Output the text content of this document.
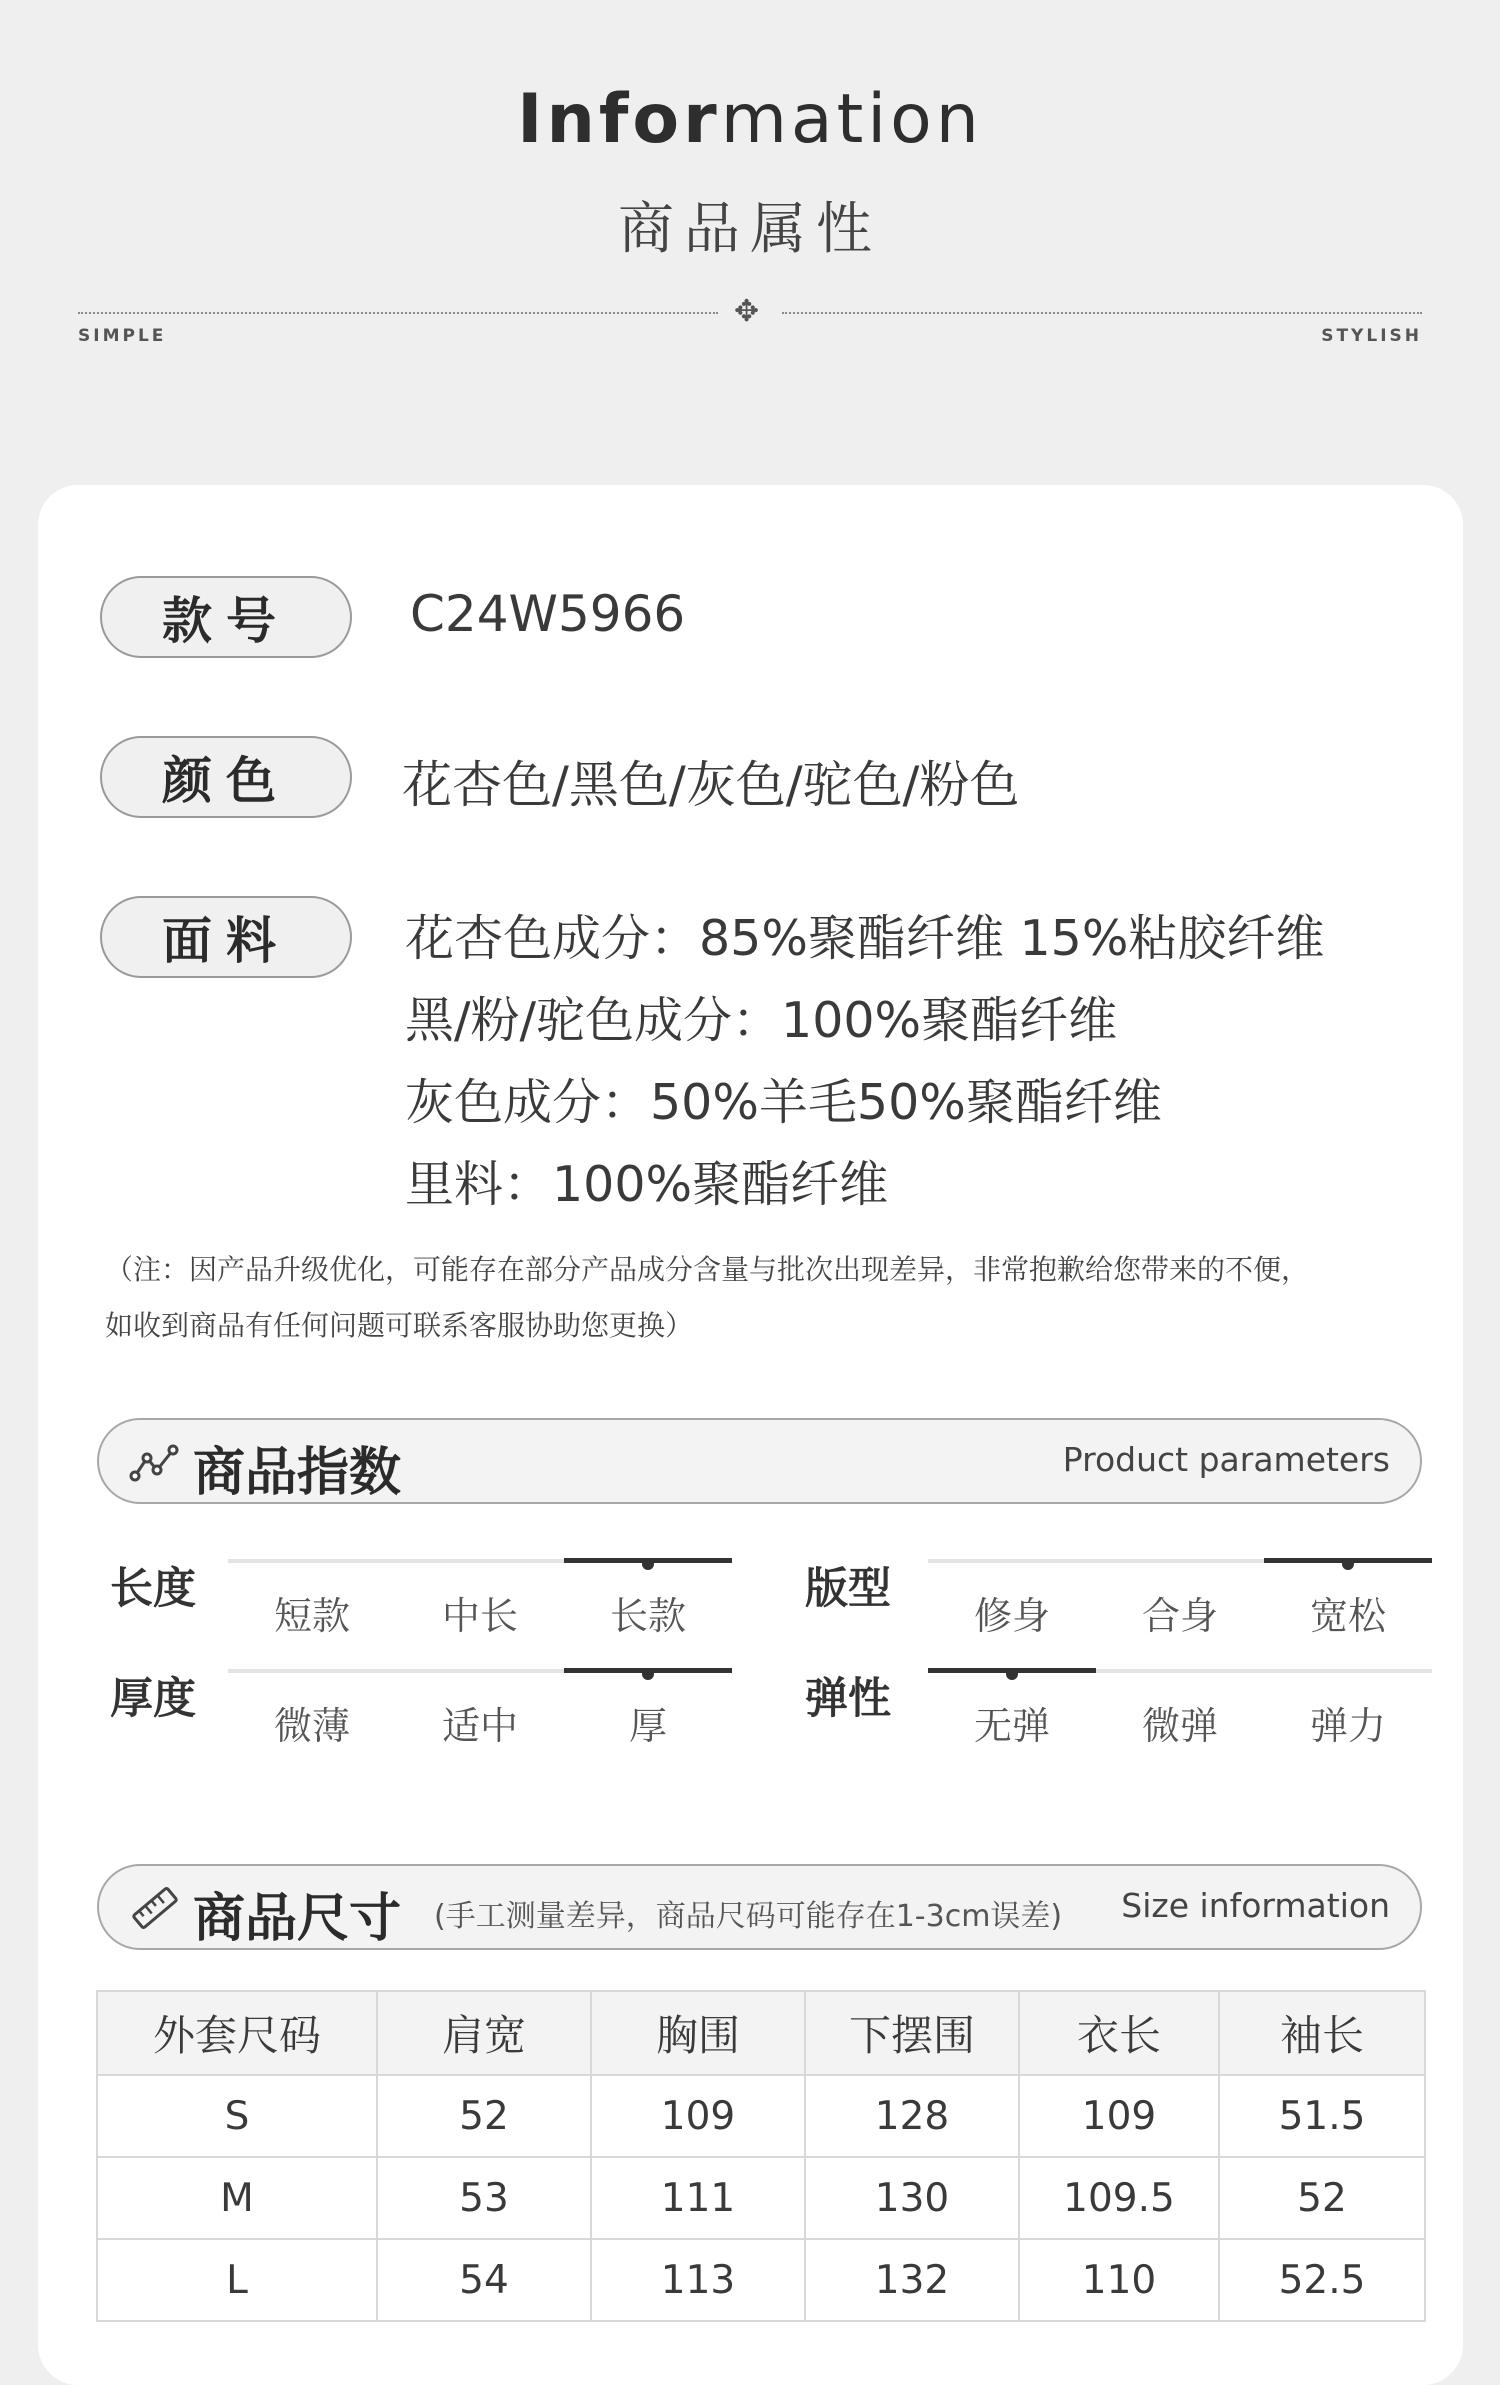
Information
商品属性
✥
SIMPLE	STYLISH
款号	C24W5966
颜色	花杏色/黑色/灰色/驼色/粉色
面料	花杏色成分：85%聚酯纤维 15%粘胶纤维
黑/粉/驼色成分：100%聚酯纤维
灰色成分：50%羊毛50%聚酯纤维
里料：100%聚酯纤维
（注：因产品升级优化，可能存在部分产品成分含量与批次出现差异，非常抱歉给您带来的不便，
如收到商品有任何问题可联系客服协助您更换）
商品指数	Product parameters
长度
短款	中长	长款
版型
修身	合身	宽松
厚度
微薄	适中	厚
弹性
无弹	微弹	弹力
商品尺寸 (手工测量差异，商品尺码可能存在1-3cm误差) Size information
外套尺码	肩宽	胸围	下摆围	衣长	袖长
S	52	109	128	109	51.5
M	53	111	130	109.5	52
L	54	113	132	110	52.5
